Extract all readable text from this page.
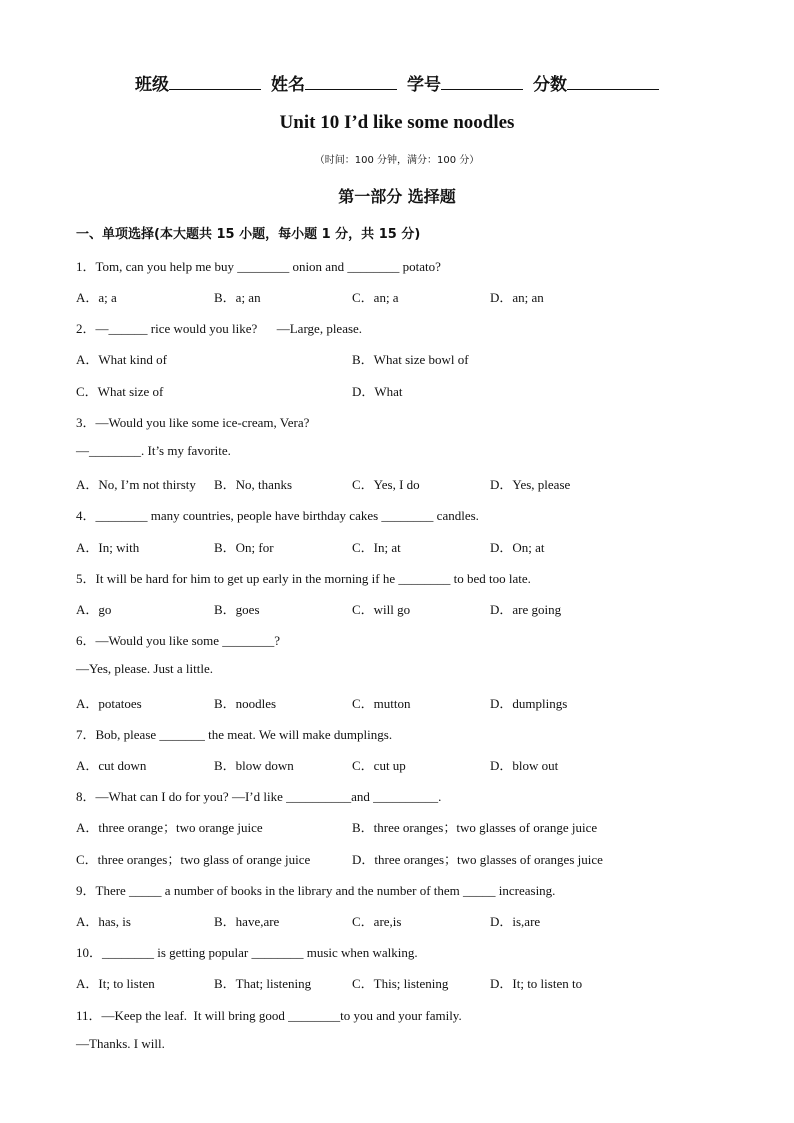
班级	姓名	学号	分数
Unit 10 I’d like some noodles
（时间：100 分钟，满分：100 分）
第一部分 选择题
一、单项选择(本大题共 15 小题，每小题 1 分，共 15 分)
1．Tom, can you help me buy ________ onion and ________ potato?
A．a; a	B．a; an	C．an; a	D．an; an
2．—______ rice would you like?      —Large, please.
A．What kind of	B．What size bowl of
C．What size of	D．What
3．—Would you like some ice-cream, Vera?
—________. It’s my favorite.
A．No, I’m not thirsty B．No, thanks	C．Yes, I do	D．Yes, please
4．________ many countries, people have birthday cakes ________ candles.
A．In; with	B．On; for	C．In; at	D．On; at
5．It will be hard for him to get up early in the morning if he ________ to bed too late.
A．go	B．goes	C．will go	D．are going
6．—Would you like some ________?
—Yes, please. Just a little.
A．potatoes	B．noodles	C．mutton	D．dumplings
7．Bob, please _______ the meat. We will make dumplings.
A．cut down	B．blow down	C．cut up	D．blow out
8．—What can I do for you? —I’d like __________and __________.
A．three orange；two orange juice	B．three oranges；two glasses of orange juice
C．three oranges；two glass of orange juice	D．three oranges；two glasses of oranges juice
9．There _____ a number of books in the library and the number of them _____ increasing.
A．has, is	B．have,are	C．are,is	D．is,are
10．________ is getting popular ________ music when walking.
A．It; to listen	B．That; listening	C．This; listening	D．It; to listen to
11．—Keep the leaf.  It will bring good ________to you and your family.
—Thanks. I will.
